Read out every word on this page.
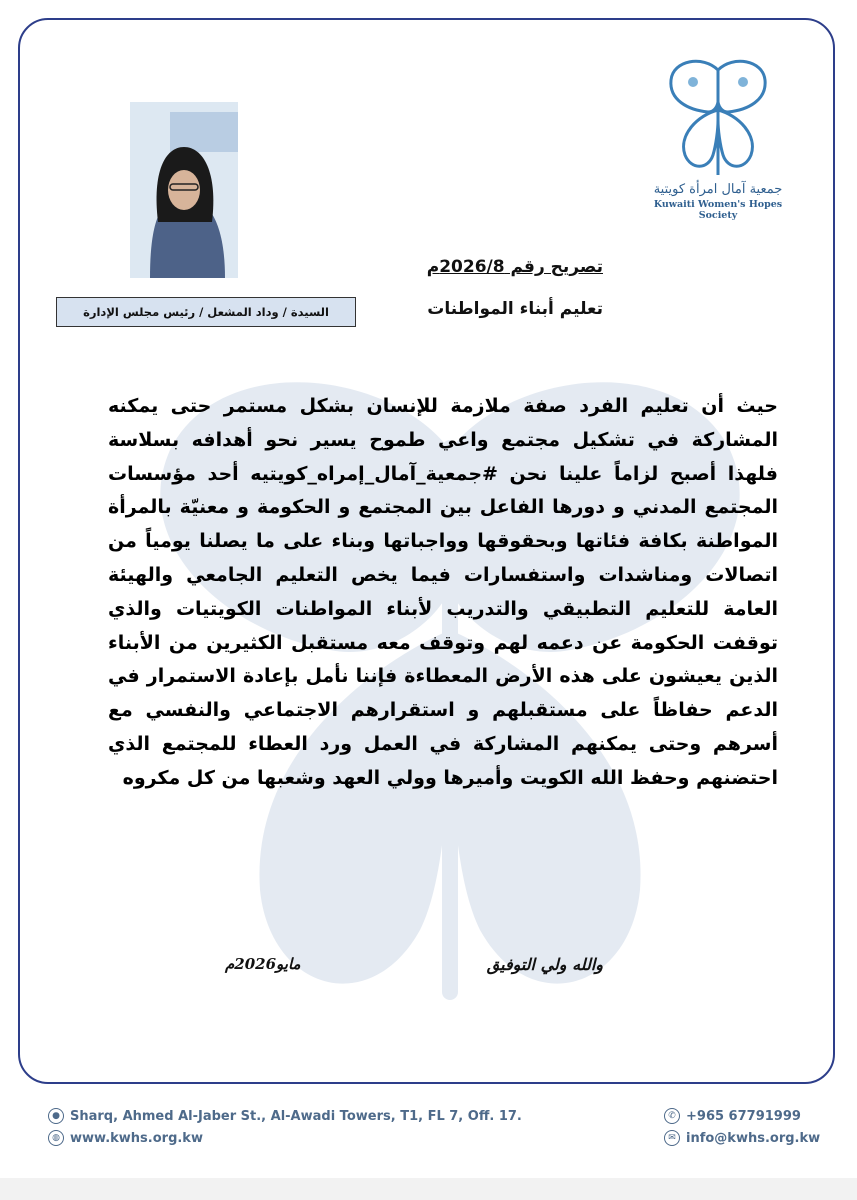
جمعية آمال امرأة كويتية
Kuwaiti Women's Hopes Society
السيدة / وداد المشعل / رئيس مجلس الإدارة
تصريح رقم 2026/8م
تعليم أبناء المواطنات
حيث أن تعليم الفرد صفة ملازمة للإنسان بشكل مستمر حتى يمكنه المشاركة في تشكيل مجتمع واعي طموح يسير نحو أهدافه بسلاسة فلهذا أصبح لزاماً علينا نحن #جمعية_آمال_إمراه_كويتيه أحد مؤسسات المجتمع المدني و دورها الفاعل بين المجتمع و الحكومة و معنيّة بالمرأة المواطنة بكافة فئاتها وبحقوقها وواجباتها وبناء على ما يصلنا يومياً من اتصالات ومناشدات واستفسارات فيما يخص التعليم الجامعي والهيئة العامة للتعليم التطبيقي والتدريب لأبناء المواطنات الكويتيات والذي توقفت الحكومة عن دعمه لهم وتوقف معه مستقبل الكثيرين من الأبناء الذين يعيشون على هذه الأرض المعطاءة فإننا نأمل بإعادة الاستمرار في الدعم حفاظاً على مستقبلهم و استقرارهم الاجتماعي والنفسي مع أسرهم وحتى يمكنهم المشاركة في العمل ورد العطاء للمجتمع الذي احتضنهم وحفظ الله الكويت وأميرها وولي العهد وشعبها من كل مكروه
والله ولي التوفيق
مايو2026م
● Sharq, Ahmed Al-Jaber St., Al-Awadi Towers, T1, FL 7, Off. 17.
◍ www.kwhs.org.kw
✆ +965 67791999
✉ info@kwhs.org.kw
